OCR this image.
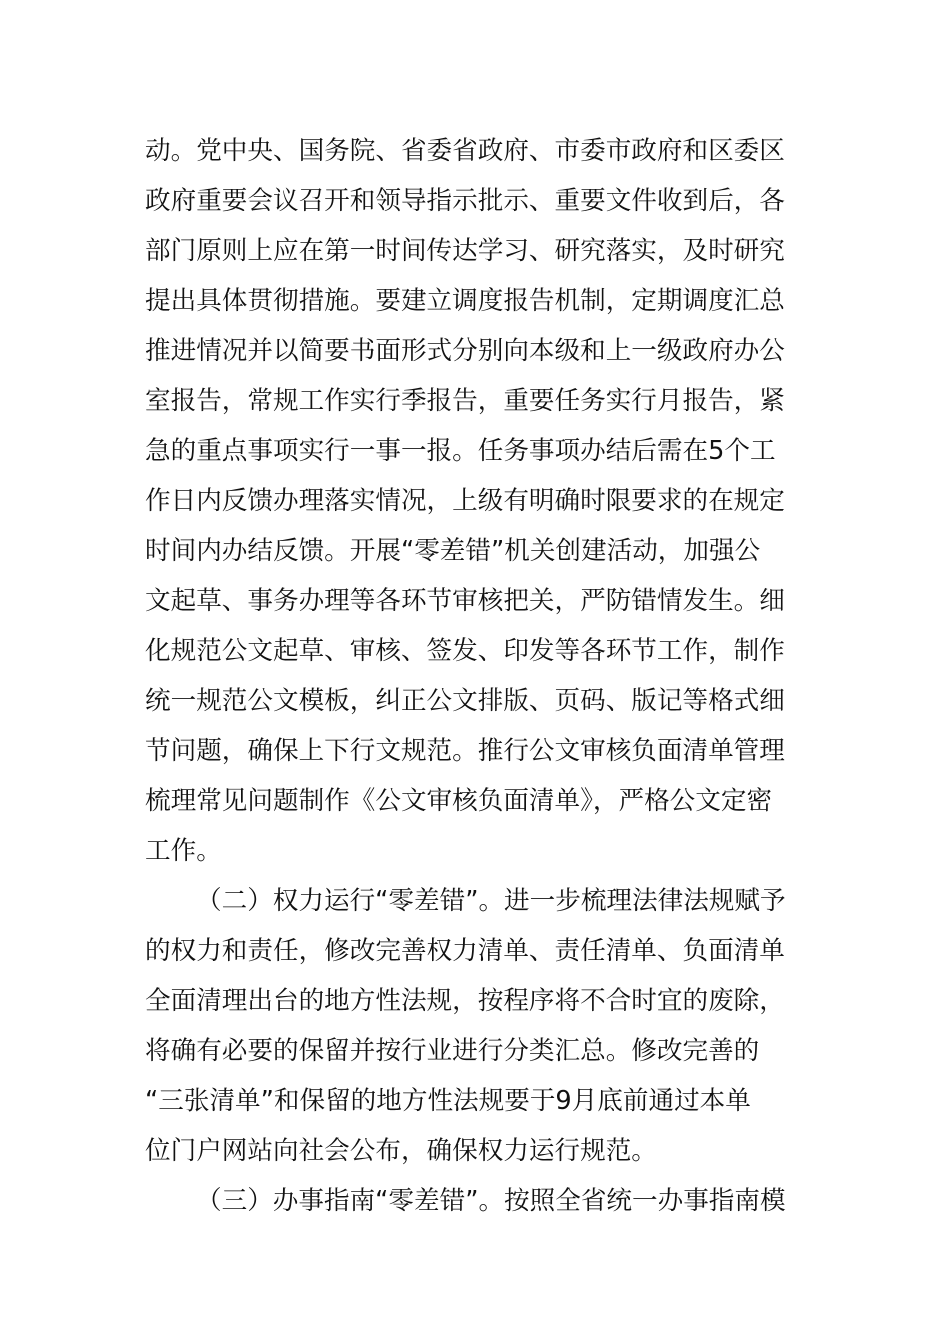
动。党中央、国务院、省委省政府、市委市政府和区委区
政府重要会议召开和领导指示批示、重要文件收到后，各
部门原则上应在第一时间传达学习、研究落实，及时研究
提出具体贯彻措施。要建立调度报告机制，定期调度汇总
推进情况并以简要书面形式分别向本级和上一级政府办公
室报告，常规工作实行季报告，重要任务实行月报告，紧
急的重点事项实行一事一报。任务事项办结后需在5个工
作日内反馈办理落实情况，上级有明确时限要求的在规定
时间内办结反馈。开展“零差错”机关创建活动，加强公
文起草、事务办理等各环节审核把关，严防错情发生。细
化规范公文起草、审核、签发、印发等各环节工作，制作
统一规范公文模板，纠正公文排版、页码、版记等格式细
节问题，确保上下行文规范。推行公文审核负面清单管理
梳理常见问题制作《公文审核负面清单》，严格公文定密
工作。
（二）权力运行“零差错”。进一步梳理法律法规赋予
的权力和责任，修改完善权力清单、责任清单、负面清单
全面清理出台的地方性法规，按程序将不合时宜的废除，
将确有必要的保留并按行业进行分类汇总。修改完善的
“三张清单”和保留的地方性法规要于9月底前通过本单
位门户网站向社会公布，确保权力运行规范。
（三）办事指南“零差错”。按照全省统一办事指南模
